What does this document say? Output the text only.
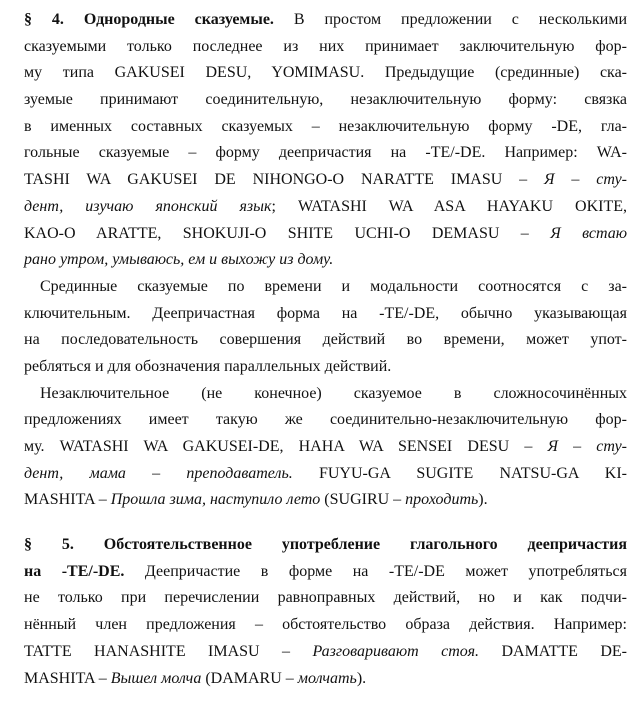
§ 4. Однородные сказуемые. В простом предложении с несколькими
сказуемыми только последнее из них принимает заключительную фор-
му типа GAKUSEI DESU, YOMIMASU. Предыдущие (срединные) ска-
зуемые принимают соединительную, незаключительную форму: связка
в именных составных сказуемых – незаключительную форму -DE, гла-
гольные сказуемые – форму деепричастия на -TE/-DE. Например: WA-
TASHI WA GAKUSEI DE NIHONGO-O NARATTE IMASU – Я – сту-
дент, изучаю японский язык; WATASHI WA ASA HAYAKU OKITE,
KAO-O ARATTE, SHOKUJI-O SHITE UCHI-O DEMASU – Я встаю
рано утром, умываюсь, ем и выхожу из дому.
Срединные сказуемые по времени и модальности соотносятся с за-
ключительным. Деепричастная форма на -TE/-DE, обычно указывающая
на последовательность совершения действий во времени, может упот-
ребляться и для обозначения параллельных действий.
Незаключительное (не конечное) сказуемое в сложносочинённых
предложениях имеет такую же соединительно-незаключительную фор-
му. WATASHI WA GAKUSEI-DE, HAHA WA SENSEI DESU – Я – сту-
дент, мама – преподаватель. FUYU-GA SUGITE NATSU-GA KI-
MASHITA – Прошла зима, наступило лето (SUGIRU – проходить).
§ 5. Обстоятельственное употребление глагольного деепричастия
на -TE/-DE. Деепричастие в форме на -TE/-DE может употребляться
не только при перечислении равноправных действий, но и как подчи-
нённый член предложения – обстоятельство образа действия. Например:
TATTE HANASHITE IMASU – Разговаривают стоя. DAMATTE DE-
MASHITA – Вышел молча (DAMARU – молчать).
